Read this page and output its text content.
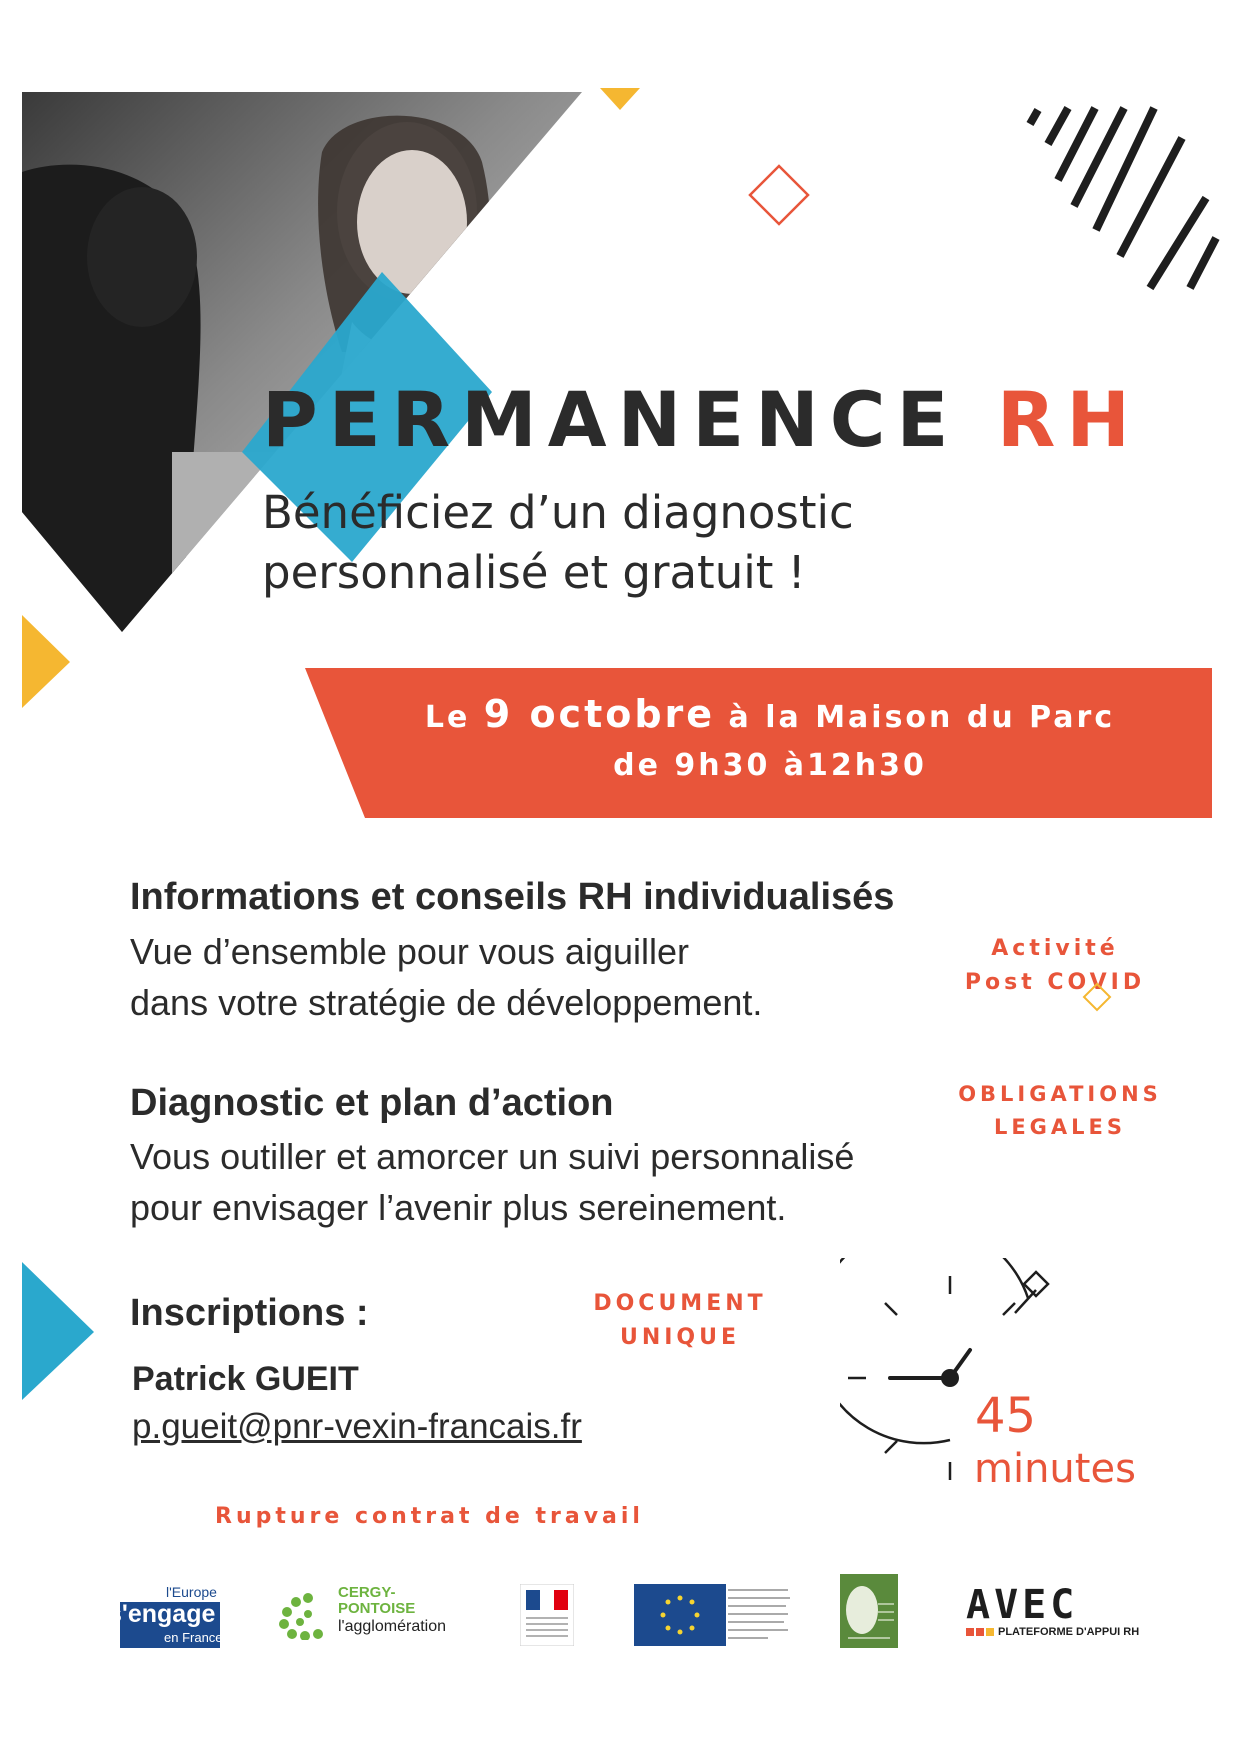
PERMANENCE RH
Bénéficiez d’un diagnostic
personnalisé et gratuit !
Le 9 octobre à la Maison du Parc
de 9h30 à12h30
Informations et conseils RH individualisés
Vue d’ensemble pour vous aiguiller
dans votre stratégie de développement.
Diagnostic et plan d’action
Vous outiller et amorcer un suivi personnalisé
pour envisager l’avenir plus sereinement.
Activité
Post COVID
OBLIGATIONS
LEGALES
Inscriptions :
Patrick GUEIT
p.gueit@pnr-vexin-francais.fr
DOCUMENT
UNIQUE
Rupture contrat de travail
45
minutes
l'Europe
s'engage
en France
CERGY-
PONTOISE
l'agglomération	AVEC
PLATEFORME D'APPUI RH
